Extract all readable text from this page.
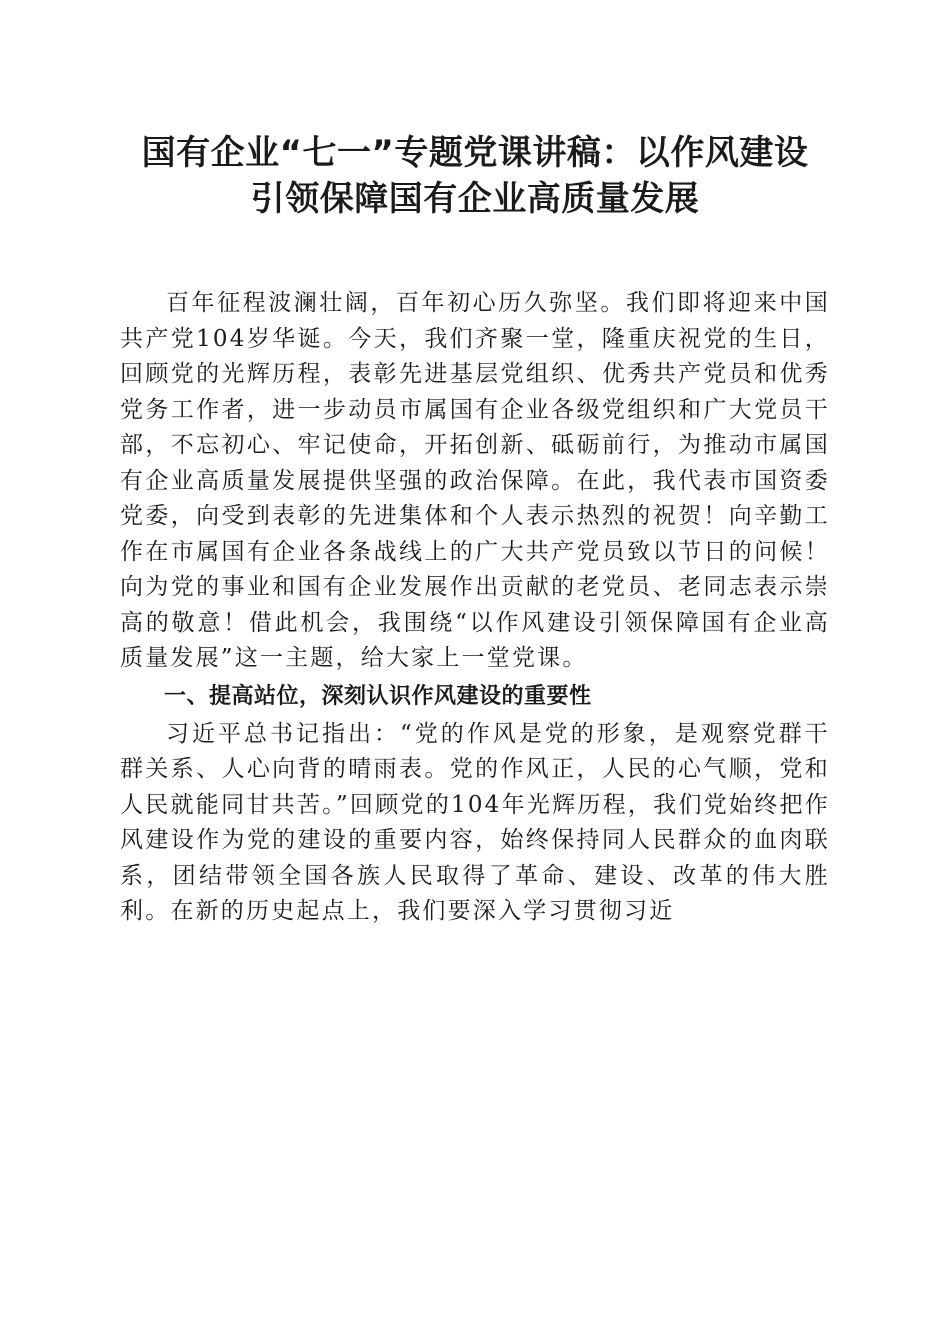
国有企业“七一”专题党课讲稿：以作风建设
引领保障国有企业高质量发展

百年征程波澜壮阔，百年初心历久弥坚。我们即将迎来中国共产党104岁华诞。今天，我们齐聚一堂，隆重庆祝党的生日，回顾党的光辉历程，表彰先进基层党组织、优秀共产党员和优秀党务工作者，进一步动员市属国有企业各级党组织和广大党员干部，不忘初心、牢记使命，开拓创新、砥砺前行，为推动市属国有企业高质量发展提供坚强的政治保障。在此，我代表市国资委党委，向受到表彰的先进集体和个人表示热烈的祝贺！向辛勤工作在市属国有企业各条战线上的广大共产党员致以节日的问候！向为党的事业和国有企业发展作出贡献的老党员、老同志表示崇高的敬意！借此机会，我围绕“以作风建设引领保障国有企业高质量发展”这一主题，给大家上一堂党课。

一、提高站位，深刻认识作风建设的重要性

习近平总书记指出：“党的作风是党的形象，是观察党群干群关系、人心向背的晴雨表。党的作风正，人民的心气顺，党和人民就能同甘共苦。”回顾党的104年光辉历程，我们党始终把作风建设作为党的建设的重要内容，始终保持同人民群众的血肉联系，团结带领全国各族人民取得了革命、建设、改革的伟大胜利。在新的历史起点上，我们要深入学习贯彻习近
